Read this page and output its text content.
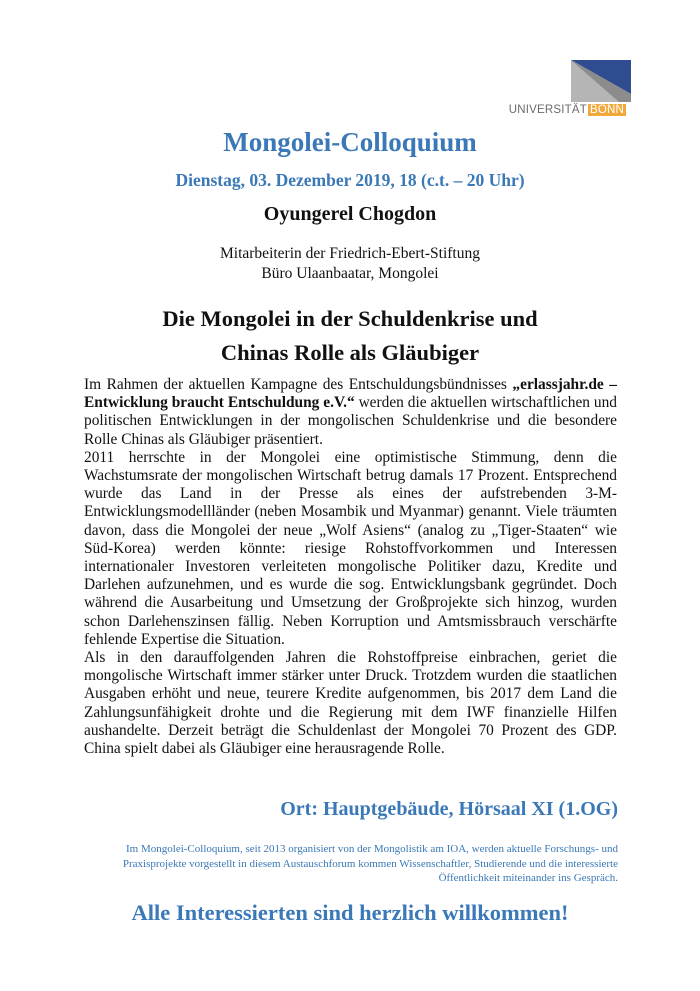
UNIVERSITÄT BONN
Mongolei-Colloquium
Dienstag, 03. Dezember 2019, 18 (c.t. – 20 Uhr)
Oyungerel Chogdon
Mitarbeiterin der Friedrich-Ebert-Stiftung
Büro Ulaanbaatar, Mongolei
Die Mongolei in der Schuldenkrise und
Chinas Rolle als Gläubiger

Im Rahmen der aktuellen Kampagne des Entschuldungsbündnisses „erlassjahr.de – Entwicklung braucht Entschuldung e.V.“ werden die aktuellen wirtschaftlichen und politischen Entwicklungen in der mongolischen Schuldenkrise und die besondere Rolle Chinas als Gläubiger präsentiert.

2011 herrschte in der Mongolei eine optimistische Stimmung, denn die Wachstumsrate der mongolischen Wirtschaft betrug damals 17 Prozent. Entsprechend wurde das Land in der Presse als eines der aufstrebenden 3-M-Entwicklungsmodellländer (neben Mosambik und Myanmar) genannt. Viele träumten davon, dass die Mongolei der neue „Wolf Asiens“ (analog zu „Tiger-Staaten“ wie Süd-Korea) werden könnte: riesige Rohstoffvorkommen und Interessen internationaler Investoren verleiteten mongolische Politiker dazu, Kredite und Darlehen aufzunehmen, und es wurde die sog. Entwicklungsbank gegründet. Doch während die Ausarbeitung und Umsetzung der Großprojekte sich hinzog, wurden schon Darlehenszinsen fällig. Neben Korruption und Amtsmissbrauch verschärfte fehlende Expertise die Situation.

Als in den darauffolgenden Jahren die Rohstoffpreise einbrachen, geriet die mongolische Wirtschaft immer stärker unter Druck. Trotzdem wurden die staatlichen Ausgaben erhöht und neue, teurere Kredite aufgenommen, bis 2017 dem Land die Zahlungsunfähigkeit drohte und die Regierung mit dem IWF finanzielle Hilfen aushandelte. Derzeit beträgt die Schuldenlast der Mongolei 70 Prozent des GDP. China spielt dabei als Gläubiger eine herausragende Rolle.

Ort: Hauptgebäude, Hörsaal XI (1.OG)
Im Mongolei-Colloquium, seit 2013 organisiert von der Mongolistik am IOA, werden aktuelle Forschungs- und Praxisprojekte vorgestellt in diesem Austauschforum kommen Wissenschaftler, Studierende und die interessierte Öffentlichkeit miteinander ins Gespräch.
Alle Interessierten sind herzlich willkommen!
